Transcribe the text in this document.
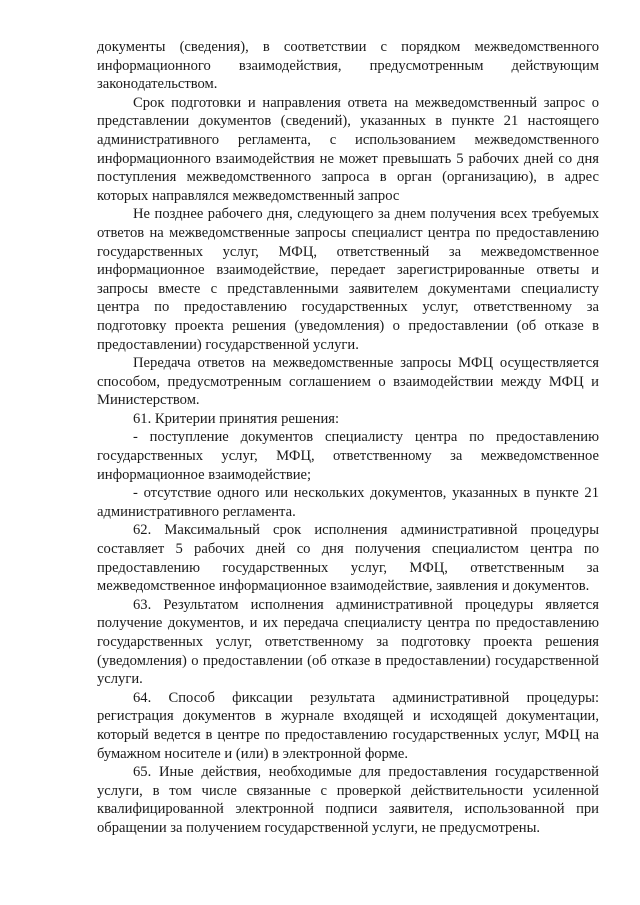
документы (сведения), в соответствии с порядком межведомственного информационного взаимодействия, предусмотренным действующим законодательством.

Срок подготовки и направления ответа на межведомственный запрос о представлении документов (сведений), указанных в пункте 21 настоящего административного регламента, с использованием межведомственного информационного взаимодействия не может превышать 5 рабочих дней со дня поступления межведомственного запроса в орган (организацию), в адрес которых направлялся межведомственный запрос

Не позднее рабочего дня, следующего за днем получения всех требуемых ответов на межведомственные запросы специалист центра по предоставлению государственных услуг, МФЦ, ответственный за межведомственное информационное взаимодействие, передает зарегистрированные ответы и запросы вместе с представленными заявителем документами специалисту центра по предоставлению государственных услуг, ответственному за подготовку проекта решения (уведомления) о предоставлении (об отказе в предоставлении) государственной услуги.

Передача ответов на межведомственные запросы МФЦ осуществляется способом, предусмотренным соглашением о взаимодействии между МФЦ и Министерством.

61. Критерии принятия решения:

- поступление документов специалисту центра по предоставлению государственных услуг, МФЦ, ответственному за межведомственное информационное взаимодействие;

- отсутствие одного или нескольких документов, указанных в пункте 21 административного регламента.

62. Максимальный срок исполнения административной процедуры составляет 5 рабочих дней со дня получения специалистом центра по предоставлению государственных услуг, МФЦ, ответственным за межведомственное информационное взаимодействие, заявления и документов.

63. Результатом исполнения административной процедуры является получение документов, и их передача специалисту центра по предоставлению государственных услуг, ответственному за подготовку проекта решения (уведомления) о предоставлении (об отказе в предоставлении) государственной услуги.

64. Способ фиксации результата административной процедуры: регистрация документов в журнале входящей и исходящей документации, который ведется в центре по предоставлению государственных услуг, МФЦ на бумажном носителе и (или) в электронной форме.

65. Иные действия, необходимые для предоставления государственной услуги, в том числе связанные с проверкой действительности усиленной квалифицированной электронной подписи заявителя, использованной при обращении за получением государственной услуги, не предусмотрены.
